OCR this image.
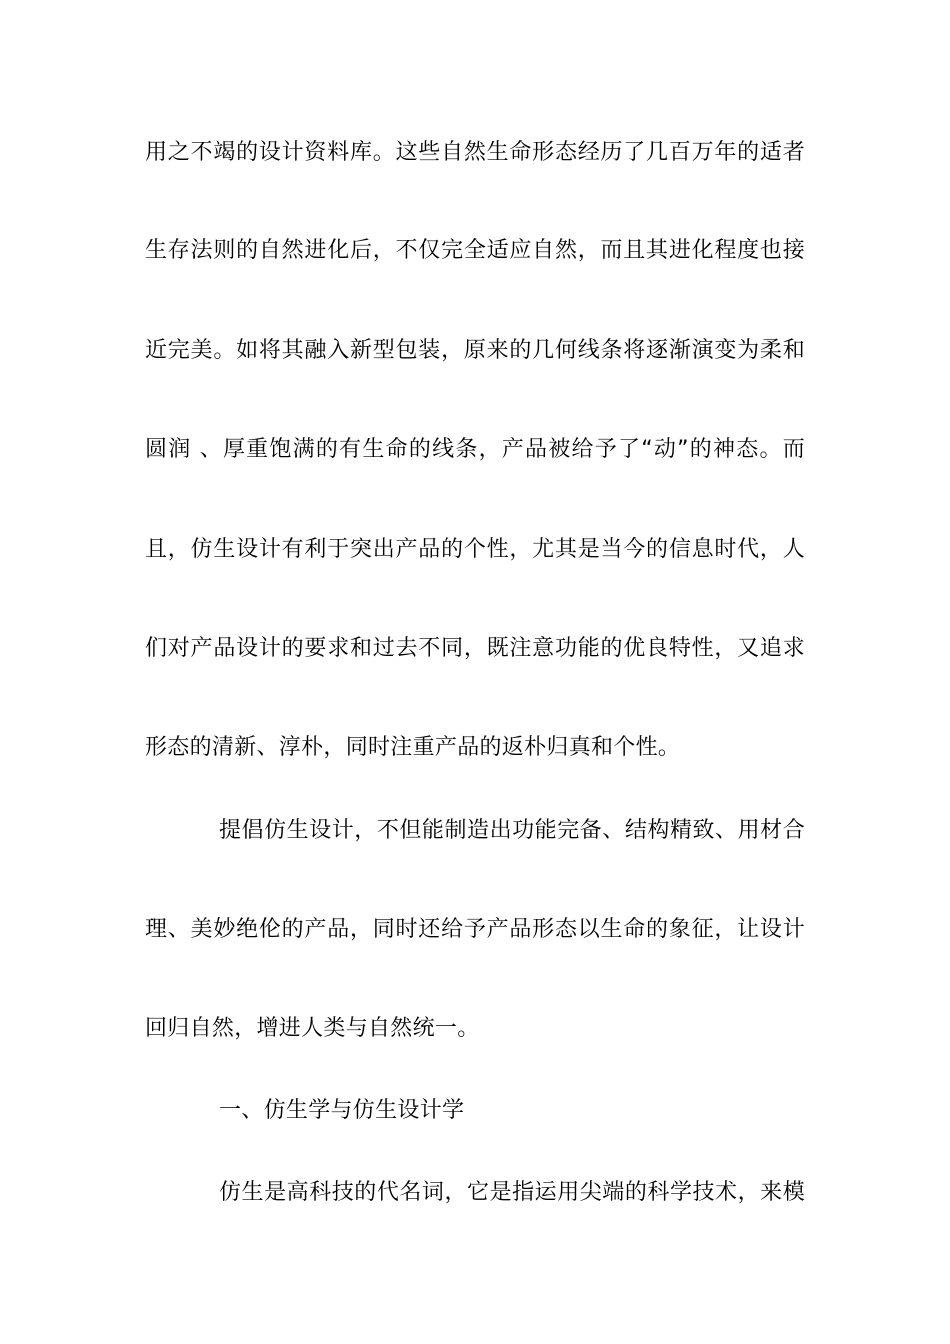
用之不竭的设计资料库。这些自然生命形态经历了几百万年的适者
生存法则的自然进化后，不仅完全适应自然，而且其进化程度也接
近完美。如将其融入新型包装，原来的几何线条将逐渐演变为柔和
圆润 、厚重饱满的有生命的线条，产品被给予了“动”的神态。而
且，仿生设计有利于突出产品的个性，尤其是当今的信息时代，人
们对产品设计的要求和过去不同，既注意功能的优良特性，又追求
形态的清新、淳朴，同时注重产品的返朴归真和个性。
提倡仿生设计，不但能制造出功能完备、结构精致、用材合
理、美妙绝伦的产品，同时还给予产品形态以生命的象征，让设计
回归自然，增进人类与自然统一。
一、仿生学与仿生设计学
仿生是高科技的代名词，它是指运用尖端的科学技术，来模
